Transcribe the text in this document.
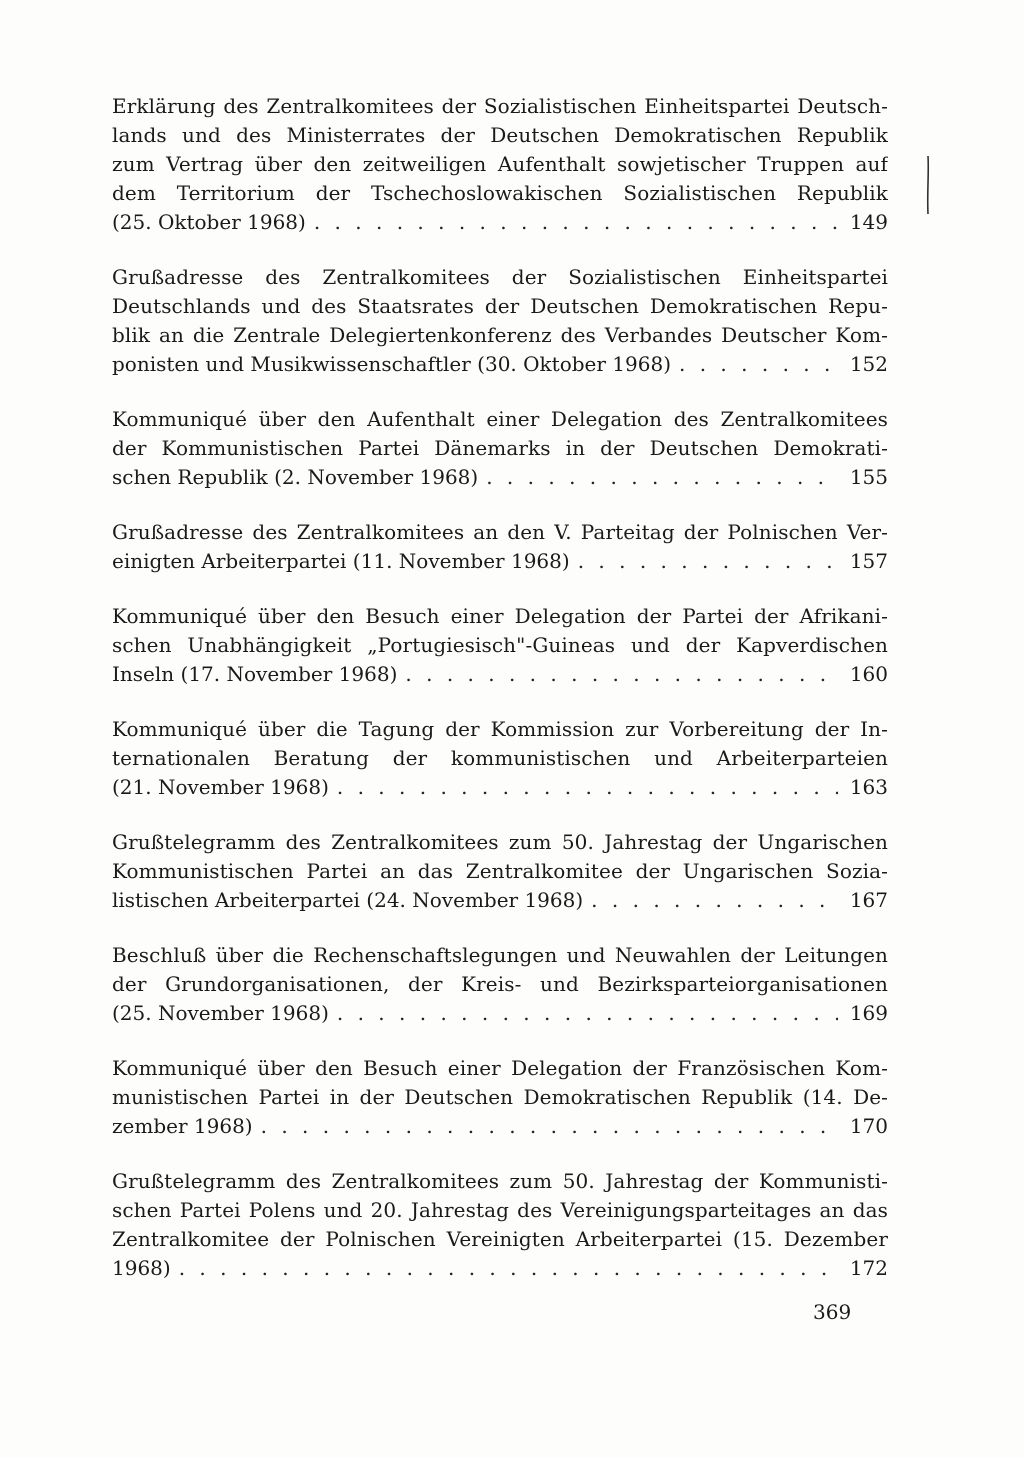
Erklärung des Zentralkomitees der Sozialistischen Einheitspartei Deutsch-
lands und des Ministerrates der Deutschen Demokratischen Republik
zum Vertrag über den zeitweiligen Aufenthalt sowjetischer Truppen auf
dem Territorium der Tschechoslowakischen Sozialistischen Republik
(25. Oktober 1968) . . .	149
Grußadresse des Zentralkomitees der Sozialistischen Einheitspartei
Deutschlands und des Staatsrates der Deutschen Demokratischen Repu-
blik an die Zentrale Delegiertenkonferenz des Verbandes Deutscher Kom-
ponisten und Musikwissenschaftler (30. Oktober 1968) . . .	152
Kommuniqué über den Aufenthalt einer Delegation des Zentralkomitees
der Kommunistischen Partei Dänemarks in der Deutschen Demokrati-
schen Republik (2. November 1968) . . .	155
Grußadresse des Zentralkomitees an den V. Parteitag der Polnischen Ver-
einigten Arbeiterpartei (11. November 1968) . . .	157
Kommuniqué über den Besuch einer Delegation der Partei der Afrikani-
schen Unabhängigkeit „Portugiesisch"-Guineas und der Kapverdischen
Inseln (17. November 1968) . . .	160
Kommuniqué über die Tagung der Kommission zur Vorbereitung der In-
ternationalen Beratung der kommunistischen und Arbeiterparteien
(21. November 1968) . . .	163
Grußtelegramm des Zentralkomitees zum 50. Jahrestag der Ungarischen
Kommunistischen Partei an das Zentralkomitee der Ungarischen Sozia-
listischen Arbeiterpartei (24. November 1968) . . .	167
Beschluß über die Rechenschaftslegungen und Neuwahlen der Leitungen
der Grundorganisationen, der Kreis- und Bezirksparteiorganisationen
(25. November 1968) . . .	169
Kommuniqué über den Besuch einer Delegation der Französischen Kom-
munistischen Partei in der Deutschen Demokratischen Republik (14. De-
zember 1968) . . .	170
Grußtelegramm des Zentralkomitees zum 50. Jahrestag der Kommunisti-
schen Partei Polens und 20. Jahrestag des Vereinigungsparteitages an das
Zentralkomitee der Polnischen Vereinigten Arbeiterpartei (15. Dezember
1968) . . .	172
369
